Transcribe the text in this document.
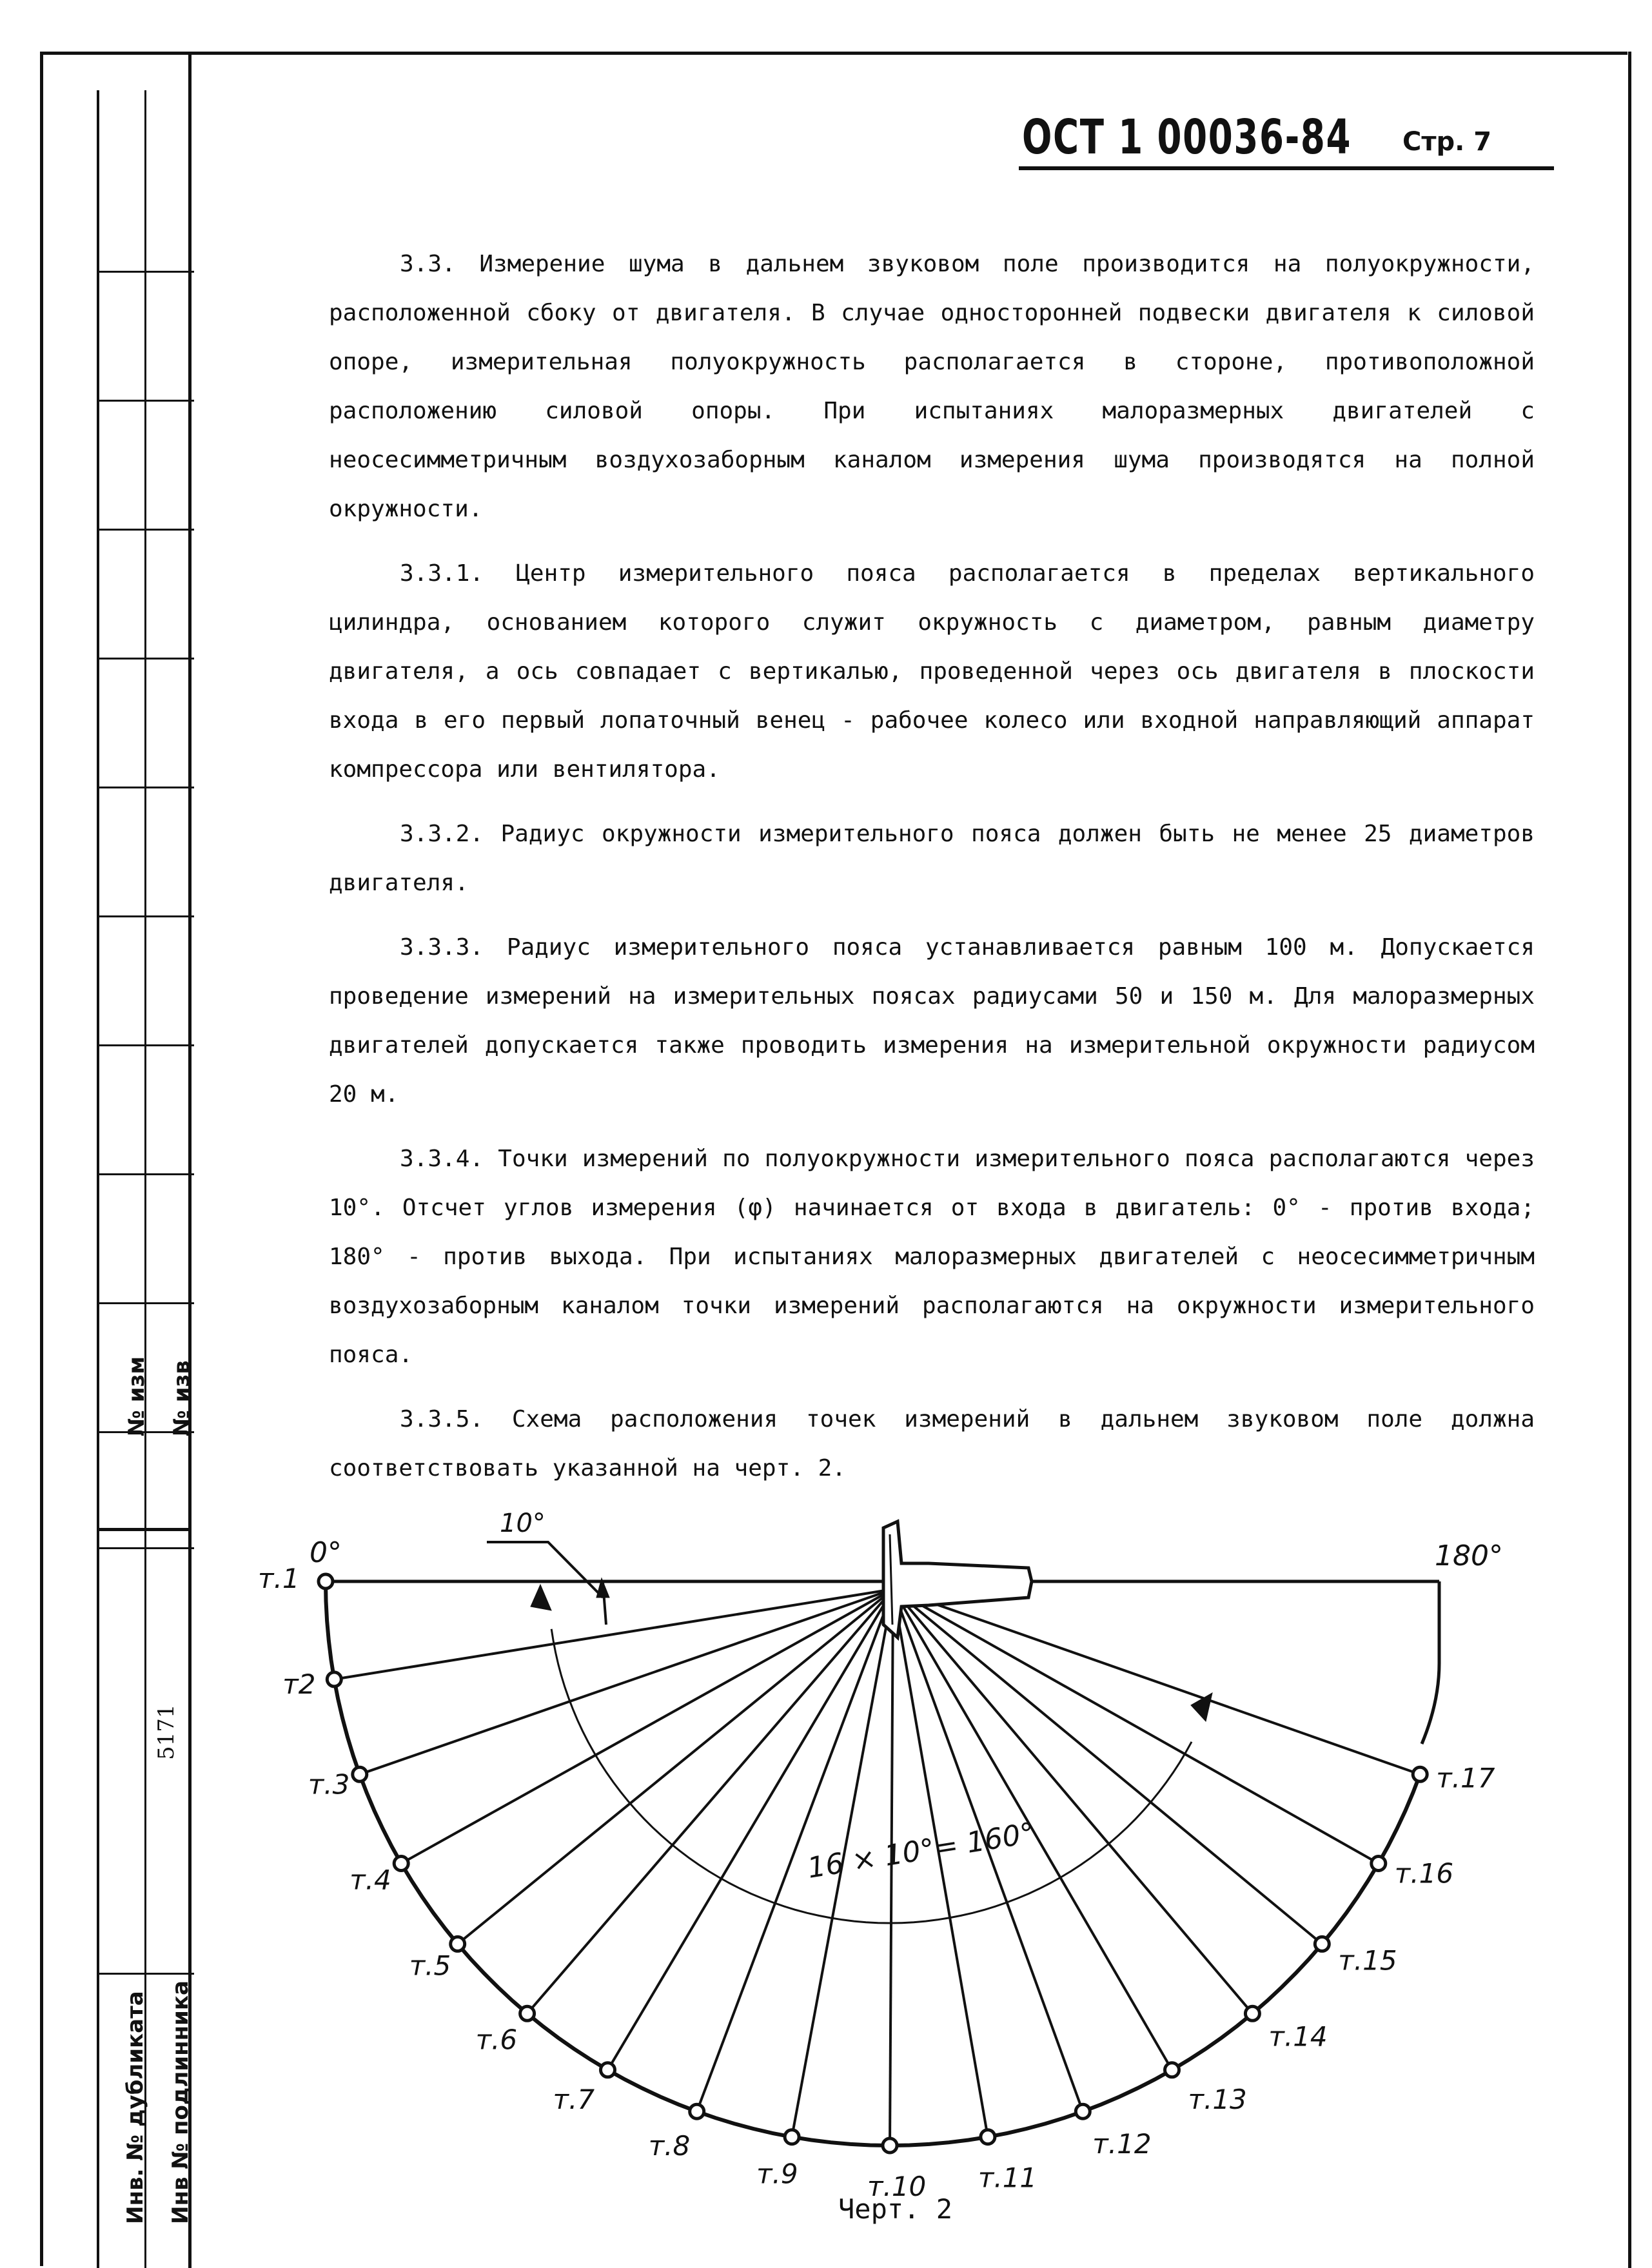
№ изм № изв
Инв. № дубликата Инв № подлинника
5171
ОСТ 1 00036-84 Стр. 7

3.3. Измерение шума в дальнем звуковом поле производится на полуокружности, расположенной сбоку от двигателя. В случае односторонней подвески двигателя к силовой опоре, измерительная полуокружность располагается в стороне, противоположной расположению силовой опоры. При испытаниях малоразмерных двигателей с неосесимметричным воздухозаборным каналом измерения шума производятся на полной окружности.

3.3.1. Центр измерительного пояса располагается в пределах вертикального цилиндра, основанием которого служит окружность с диаметром, равным диаметру двигателя, а ось совпадает с вертикалью, проведенной через ось двигателя в плоскости входа в его первый лопаточный венец - рабочее колесо или входной направляющий аппарат компрессора или вентилятора.

3.3.2. Радиус окружности измерительного пояса должен быть не менее 25 диаметров двигателя.

3.3.3. Радиус измерительного пояса устанавливается равным 100 м. Допускается проведение измерений на измерительных поясах радиусами 50 и 150 м. Для малоразмерных двигателей допускается также проводить измерения на измерительной окружности радиусом 20 м.

3.3.4. Точки измерений по полуокружности измерительного пояса располагаются через 10°. Отсчет углов измерения (φ) начинается от входа в двигатель: 0° - против входа; 180° - против выхода. При испытаниях малоразмерных двигателей с неосесимметричным воздухозаборным каналом точки измерений располагаются на окружности измерительного пояса.

3.3.5. Схема расположения точек измерений в дальнем звуковом поле должна соответствовать указанной на черт. 2.

0°	180°
10°
16 × 10°= 160°
т.1
т2
т.3
т.4
т.5
т.6
т.7
т.8
т.9	т.10 т.11
т.12
т.13
т.14
т.15
т.16
т.17
Черт. 2
